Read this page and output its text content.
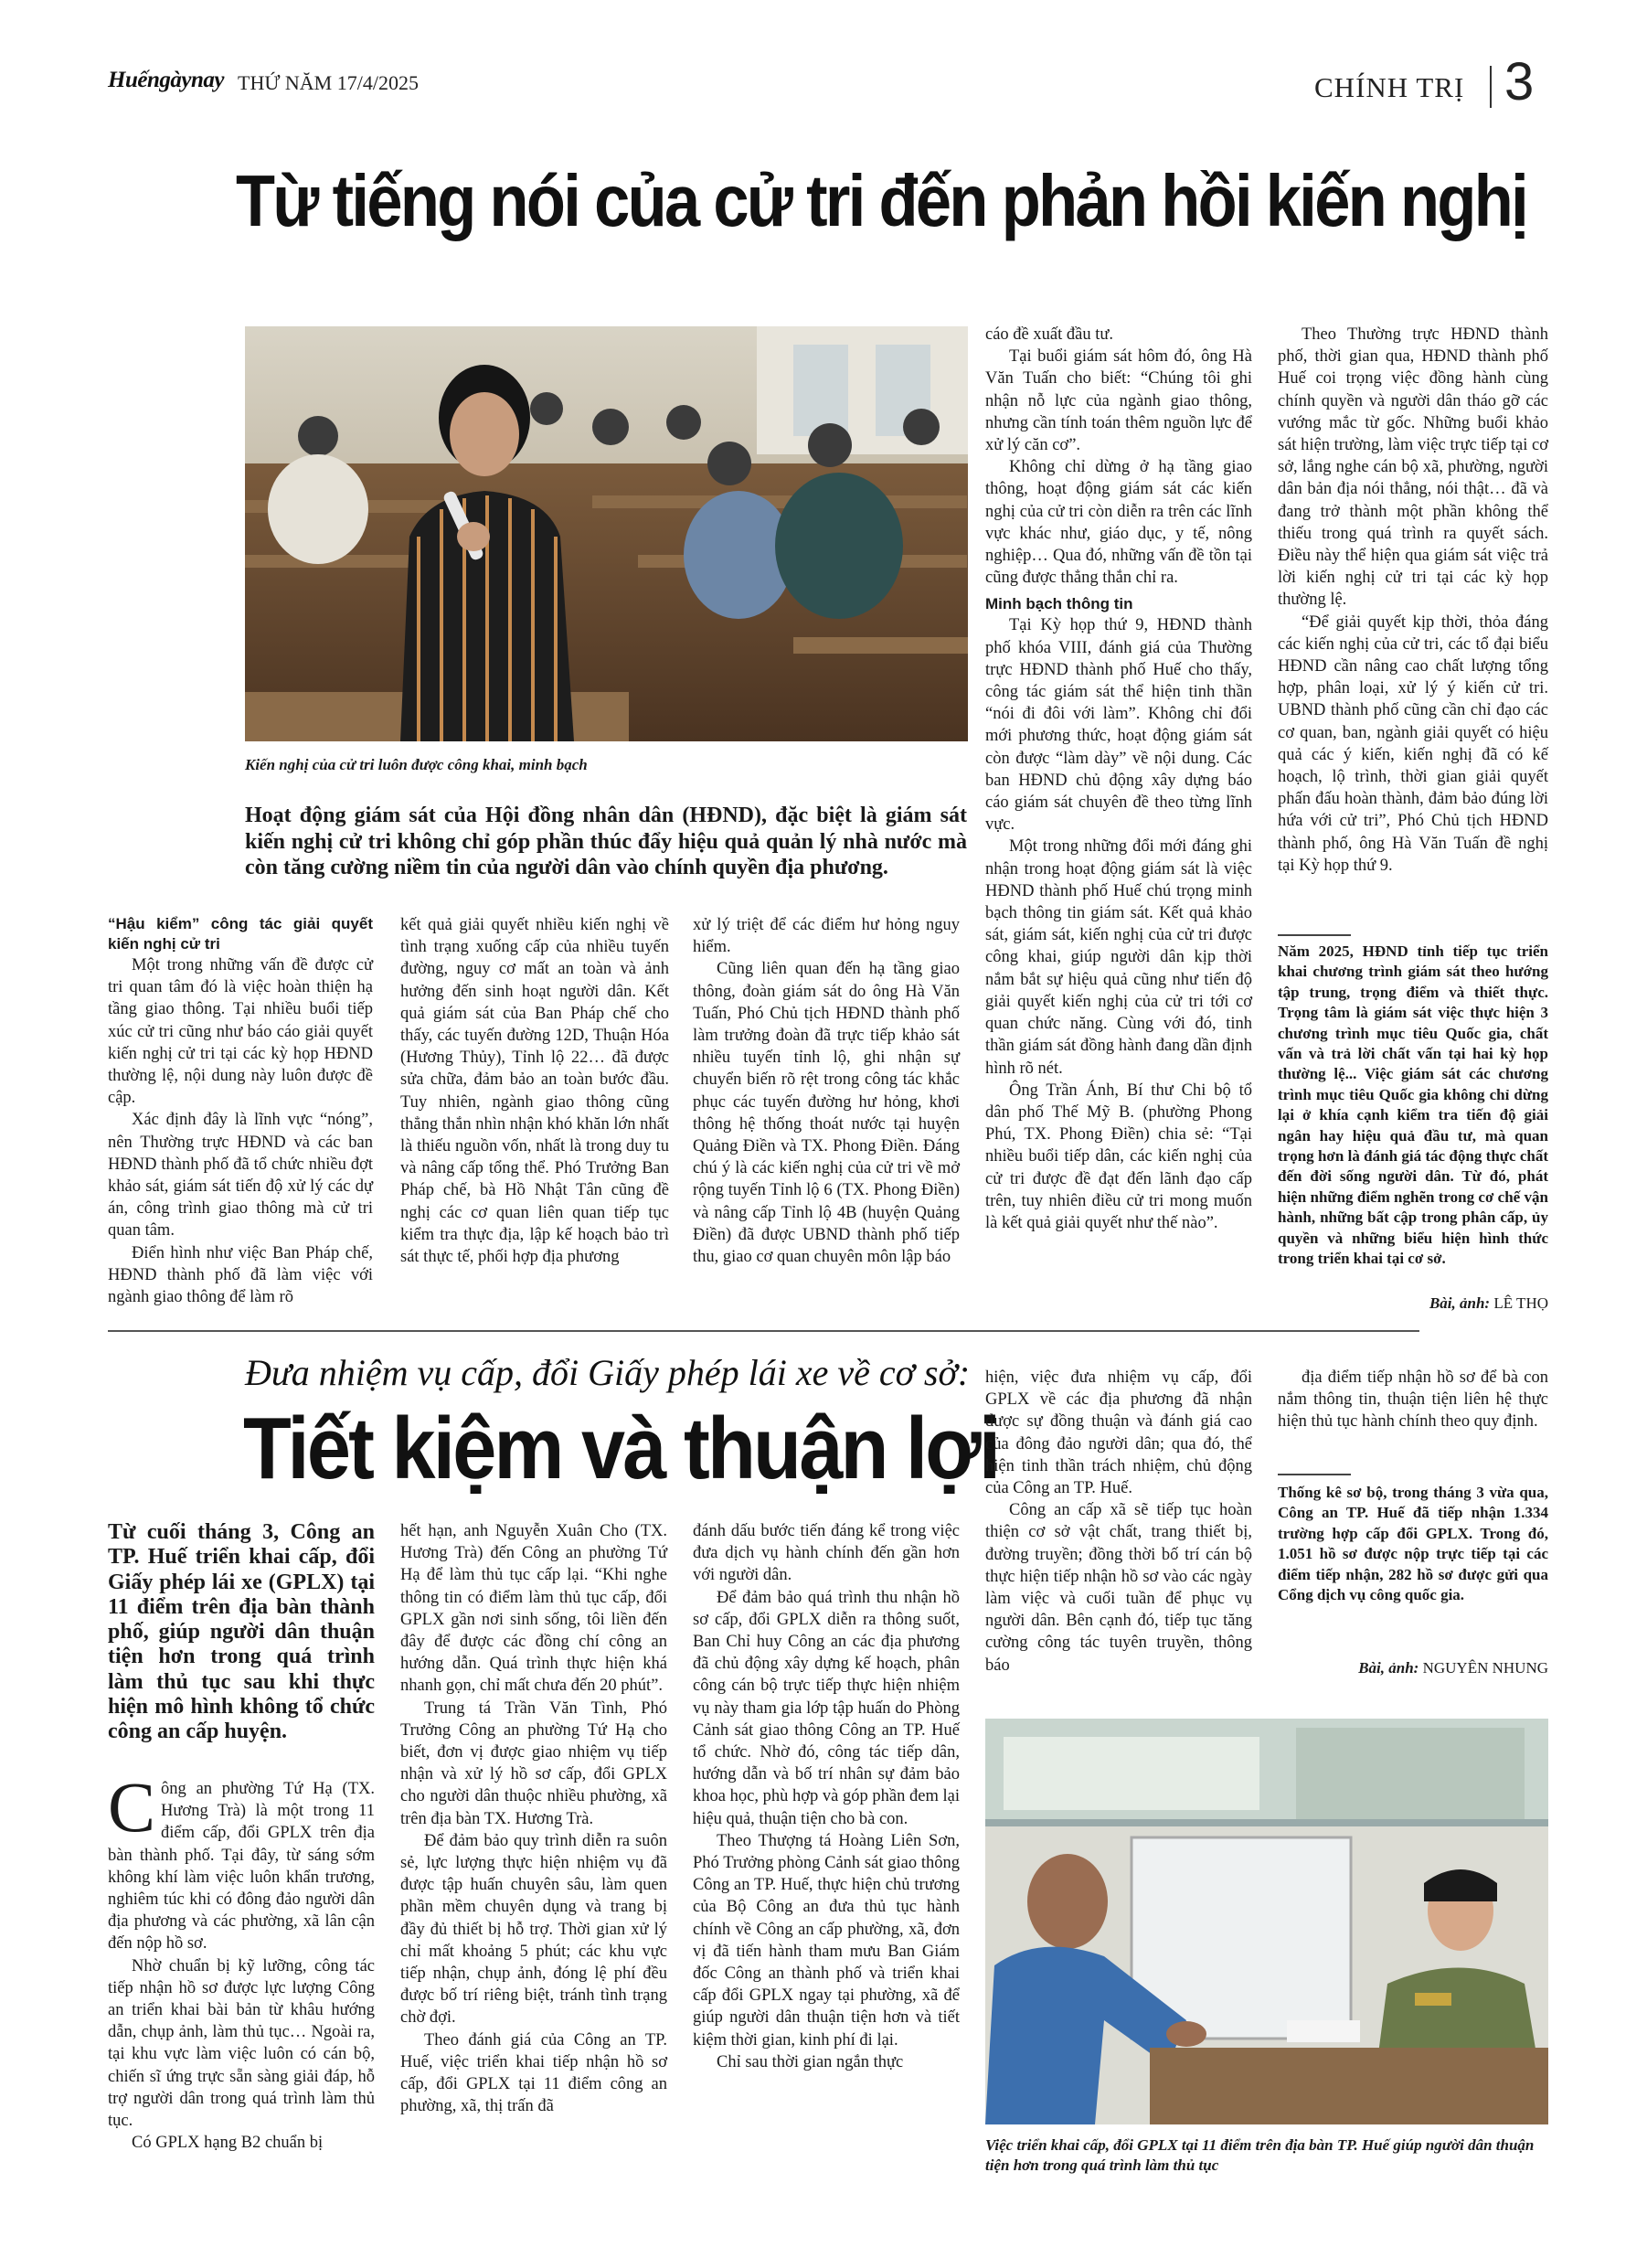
Huếngàynay THỨ NĂM 17/4/2025	CHÍNH TRỊ 3
Từ tiếng nói của cử tri đến phản hồi kiến nghị
Kiến nghị của cử tri luôn được công khai, minh bạch
Hoạt động giám sát của Hội đồng nhân dân (HĐND), đặc biệt là giám sát kiến nghị cử tri không chỉ góp phần thúc đẩy hiệu quả quản lý nhà nước mà còn tăng cường niềm tin của người dân vào chính quyền địa phương.

“Hậu kiểm” công tác giải quyết kiến nghị cử tri

Một trong những vấn đề được cử tri quan tâm đó là việc hoàn thiện hạ tầng giao thông. Tại nhiều buổi tiếp xúc cử tri cũng như báo cáo giải quyết kiến nghị cử tri tại các kỳ họp HĐND thường lệ, nội dung này luôn được đề cập.

Xác định đây là lĩnh vực “nóng”, nên Thường trực HĐND và các ban HĐND thành phố đã tổ chức nhiều đợt khảo sát, giám sát tiến độ xử lý các dự án, công trình giao thông mà cử tri quan tâm.

Điển hình như việc Ban Pháp chế, HĐND thành phố đã làm việc với ngành giao thông để làm rõ

kết quả giải quyết nhiều kiến nghị về tình trạng xuống cấp của nhiều tuyến đường, nguy cơ mất an toàn và ảnh hưởng đến sinh hoạt người dân. Kết quả giám sát của Ban Pháp chế cho thấy, các tuyến đường 12D, Thuận Hóa (Hương Thủy), Tỉnh lộ 22… đã được sửa chữa, đảm bảo an toàn bước đầu. Tuy nhiên, ngành giao thông cũng thẳng thắn nhìn nhận khó khăn lớn nhất là thiếu nguồn vốn, nhất là trong duy tu và nâng cấp tổng thể. Phó Trưởng Ban Pháp chế, bà Hồ Nhật Tân cũng đề nghị các cơ quan liên quan tiếp tục kiểm tra thực địa, lập kế hoạch bảo trì sát thực tế, phối hợp địa phương

xử lý triệt để các điểm hư hỏng nguy hiểm.

Cũng liên quan đến hạ tầng giao thông, đoàn giám sát do ông Hà Văn Tuấn, Phó Chủ tịch HĐND thành phố làm trưởng đoàn đã trực tiếp khảo sát nhiều tuyến tỉnh lộ, ghi nhận sự chuyển biến rõ rệt trong công tác khắc phục các tuyến đường hư hỏng, khơi thông hệ thống thoát nước tại huyện Quảng Điền và TX. Phong Điền. Đáng chú ý là các kiến nghị của cử tri về mở rộng tuyến Tỉnh lộ 6 (TX. Phong Điền) và nâng cấp Tỉnh lộ 4B (huyện Quảng Điền) đã được UBND thành phố tiếp thu, giao cơ quan chuyên môn lập báo

cáo đề xuất đầu tư.

Tại buổi giám sát hôm đó, ông Hà Văn Tuấn cho biết: “Chúng tôi ghi nhận nỗ lực của ngành giao thông, nhưng cần tính toán thêm nguồn lực để xử lý căn cơ”.

Không chỉ dừng ở hạ tầng giao thông, hoạt động giám sát các kiến nghị của cử tri còn diễn ra trên các lĩnh vực khác như, giáo dục, y tế, nông nghiệp… Qua đó, những vấn đề tồn tại cũng được thẳng thắn chỉ ra.

Minh bạch thông tin

Tại Kỳ họp thứ 9, HĐND thành phố khóa VIII, đánh giá của Thường trực HĐND thành phố Huế cho thấy, công tác giám sát thể hiện tinh thần “nói đi đôi với làm”. Không chỉ đổi mới phương thức, hoạt động giám sát còn được “làm dày” về nội dung. Các ban HĐND chủ động xây dựng báo cáo giám sát chuyên đề theo từng lĩnh vực.

Một trong những đổi mới đáng ghi nhận trong hoạt động giám sát là việc HĐND thành phố Huế chú trọng minh bạch thông tin giám sát. Kết quả khảo sát, giám sát, kiến nghị của cử tri được công khai, giúp người dân kịp thời nắm bắt sự hiệu quả cũng như tiến độ giải quyết kiến nghị của cử tri tới cơ quan chức năng. Cùng với đó, tinh thần giám sát đồng hành đang dần định hình rõ nét.

Ông Trần Ánh, Bí thư Chi bộ tổ dân phố Thế Mỹ B. (phường Phong Phú, TX. Phong Điền) chia sẻ: “Tại nhiều buổi tiếp dân, các kiến nghị của cử tri được đề đạt đến lãnh đạo cấp trên, tuy nhiên điều cử tri mong muốn là kết quả giải quyết như thế nào”.

Theo Thường trực HĐND thành phố, thời gian qua, HĐND thành phố Huế coi trọng việc đồng hành cùng chính quyền và người dân tháo gỡ các vướng mắc từ gốc. Những buổi khảo sát hiện trường, làm việc trực tiếp tại cơ sở, lắng nghe cán bộ xã, phường, người dân bản địa nói thẳng, nói thật… đã và đang trở thành một phần không thể thiếu trong quá trình ra quyết sách. Điều này thể hiện qua giám sát việc trả lời kiến nghị cử tri tại các kỳ họp thường lệ.

“Để giải quyết kịp thời, thỏa đáng các kiến nghị của cử tri, các tổ đại biểu HĐND cần nâng cao chất lượng tổng hợp, phân loại, xử lý ý kiến cử tri. UBND thành phố cũng cần chỉ đạo các cơ quan, ban, ngành giải quyết có hiệu quả các ý kiến, kiến nghị đã có kế hoạch, lộ trình, thời gian giải quyết phấn đấu hoàn thành, đảm bảo đúng lời hứa với cử tri”, Phó Chủ tịch HĐND thành phố, ông Hà Văn Tuấn đề nghị tại Kỳ họp thứ 9.

Năm 2025, HĐND tỉnh tiếp tục triển khai chương trình giám sát theo hướng tập trung, trọng điểm và thiết thực. Trọng tâm là giám sát việc thực hiện 3 chương trình mục tiêu Quốc gia, chất vấn và trả lời chất vấn tại hai kỳ họp thường lệ... Việc giám sát các chương trình mục tiêu Quốc gia không chỉ dừng lại ở khía cạnh kiểm tra tiến độ giải ngân hay hiệu quả đầu tư, mà quan trọng hơn là đánh giá tác động thực chất đến đời sống người dân. Từ đó, phát hiện những điểm nghẽn trong cơ chế vận hành, những bất cập trong phân cấp, ủy quyền và những biểu hiện hình thức trong triển khai tại cơ sở.
Bài, ảnh: LÊ THỌ
Đưa nhiệm vụ cấp, đổi Giấy phép lái xe về cơ sở:
Tiết kiệm và thuận lợi
Từ cuối tháng 3, Công an TP. Huế triển khai cấp, đổi Giấy phép lái xe (GPLX) tại 11 điểm trên địa bàn thành phố, giúp người dân thuận tiện hơn trong quá trình làm thủ tục sau khi thực hiện mô hình không tổ chức công an cấp huyện.

Công an phường Tứ Hạ (TX. Hương Trà) là một trong 11 điểm cấp, đổi GPLX trên địa bàn thành phố. Tại đây, từ sáng sớm không khí làm việc luôn khẩn trương, nghiêm túc khi có đông đảo người dân địa phương và các phường, xã lân cận đến nộp hồ sơ.

Nhờ chuẩn bị kỹ lưỡng, công tác tiếp nhận hồ sơ được lực lượng Công an triển khai bài bản từ khâu hướng dẫn, chụp ảnh, làm thủ tục… Ngoài ra, tại khu vực làm việc luôn có cán bộ, chiến sĩ ứng trực sẵn sàng giải đáp, hỗ trợ người dân trong quá trình làm thủ tục.

Có GPLX hạng B2 chuẩn bị

hết hạn, anh Nguyễn Xuân Cho (TX. Hương Trà) đến Công an phường Tứ Hạ để làm thủ tục cấp lại. “Khi nghe thông tin có điểm làm thủ tục cấp, đổi GPLX gần nơi sinh sống, tôi liền đến đây để được các đồng chí công an hướng dẫn. Quá trình thực hiện khá nhanh gọn, chỉ mất chưa đến 20 phút”.

Trung tá Trần Văn Tình, Phó Trưởng Công an phường Tứ Hạ cho biết, đơn vị được giao nhiệm vụ tiếp nhận và xử lý hồ sơ cấp, đổi GPLX cho người dân thuộc nhiều phường, xã trên địa bàn TX. Hương Trà.

Để đảm bảo quy trình diễn ra suôn sẻ, lực lượng thực hiện nhiệm vụ đã được tập huấn chuyên sâu, làm quen phần mềm chuyên dụng và trang bị đầy đủ thiết bị hỗ trợ. Thời gian xử lý chỉ mất khoảng 5 phút; các khu vực tiếp nhận, chụp ảnh, đóng lệ phí đều được bố trí riêng biệt, tránh tình trạng chờ đợi.

Theo đánh giá của Công an TP. Huế, việc triển khai tiếp nhận hồ sơ cấp, đổi GPLX tại 11 điểm công an phường, xã, thị trấn đã

đánh dấu bước tiến đáng kể trong việc đưa dịch vụ hành chính đến gần hơn với người dân.

Để đảm bảo quá trình thu nhận hồ sơ cấp, đổi GPLX diễn ra thông suốt, Ban Chỉ huy Công an các địa phương đã chủ động xây dựng kế hoạch, phân công cán bộ trực tiếp thực hiện nhiệm vụ này tham gia lớp tập huấn do Phòng Cảnh sát giao thông Công an TP. Huế tổ chức. Nhờ đó, công tác tiếp dân, hướng dẫn và bố trí nhân sự đảm bảo khoa học, phù hợp và góp phần đem lại hiệu quả, thuận tiện cho bà con.

Theo Thượng tá Hoàng Liên Sơn, Phó Trưởng phòng Cảnh sát giao thông Công an TP. Huế, thực hiện chủ trương của Bộ Công an đưa thủ tục hành chính về Công an cấp phường, xã, đơn vị đã tiến hành tham mưu Ban Giám đốc Công an thành phố và triển khai cấp đổi GPLX ngay tại phường, xã để giúp người dân thuận tiện hơn và tiết kiệm thời gian, kinh phí đi lại.

Chỉ sau thời gian ngắn thực

hiện, việc đưa nhiệm vụ cấp, đổi GPLX về các địa phương đã nhận được sự đồng thuận và đánh giá cao của đông đảo người dân; qua đó, thể hiện tinh thần trách nhiệm, chủ động của Công an TP. Huế.

Công an cấp xã sẽ tiếp tục hoàn thiện cơ sở vật chất, trang thiết bị, đường truyền; đồng thời bố trí cán bộ thực hiện tiếp nhận hồ sơ vào các ngày làm việc và cuối tuần để phục vụ người dân. Bên cạnh đó, tiếp tục tăng cường công tác tuyên truyền, thông báo

địa điểm tiếp nhận hồ sơ để bà con nắm thông tin, thuận tiện liên hệ thực hiện thủ tục hành chính theo quy định.

Thống kê sơ bộ, trong tháng 3 vừa qua, Công an TP. Huế đã tiếp nhận 1.334 trường hợp cấp đổi GPLX. Trong đó, 1.051 hồ sơ được nộp trực tiếp tại các điểm tiếp nhận, 282 hồ sơ được gửi qua Cổng dịch vụ công quốc gia.
Bài, ảnh: NGUYÊN NHUNG
Việc triển khai cấp, đổi GPLX tại 11 điểm trên địa bàn TP. Huế giúp người dân thuận tiện hơn trong quá trình làm thủ tục
